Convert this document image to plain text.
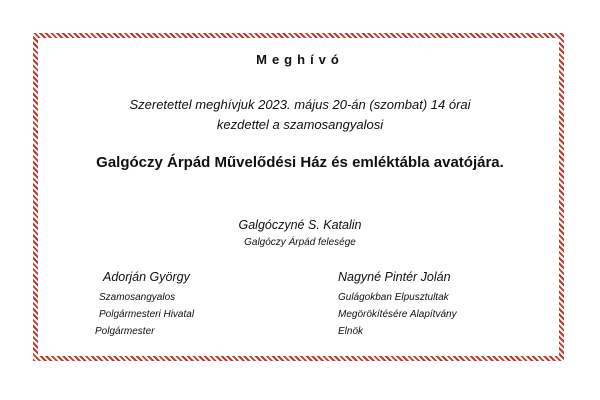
Meghívó
Szeretettel meghívjuk 2023. május 20-án (szombat) 14 órai
kezdettel a szamosangyalosi
Galgóczy Árpád Művelődési Ház és emléktábla avatójára.
Galgóczyné S. Katalin
Galgóczy Árpád felesége
Adorján György
Szamosangyalos
Polgármesteri Hivatal
Polgármester
Nagyné Pintér Jolán
Gulágokban Elpusztultak
Megörökítésére Alapítvány
Elnök
